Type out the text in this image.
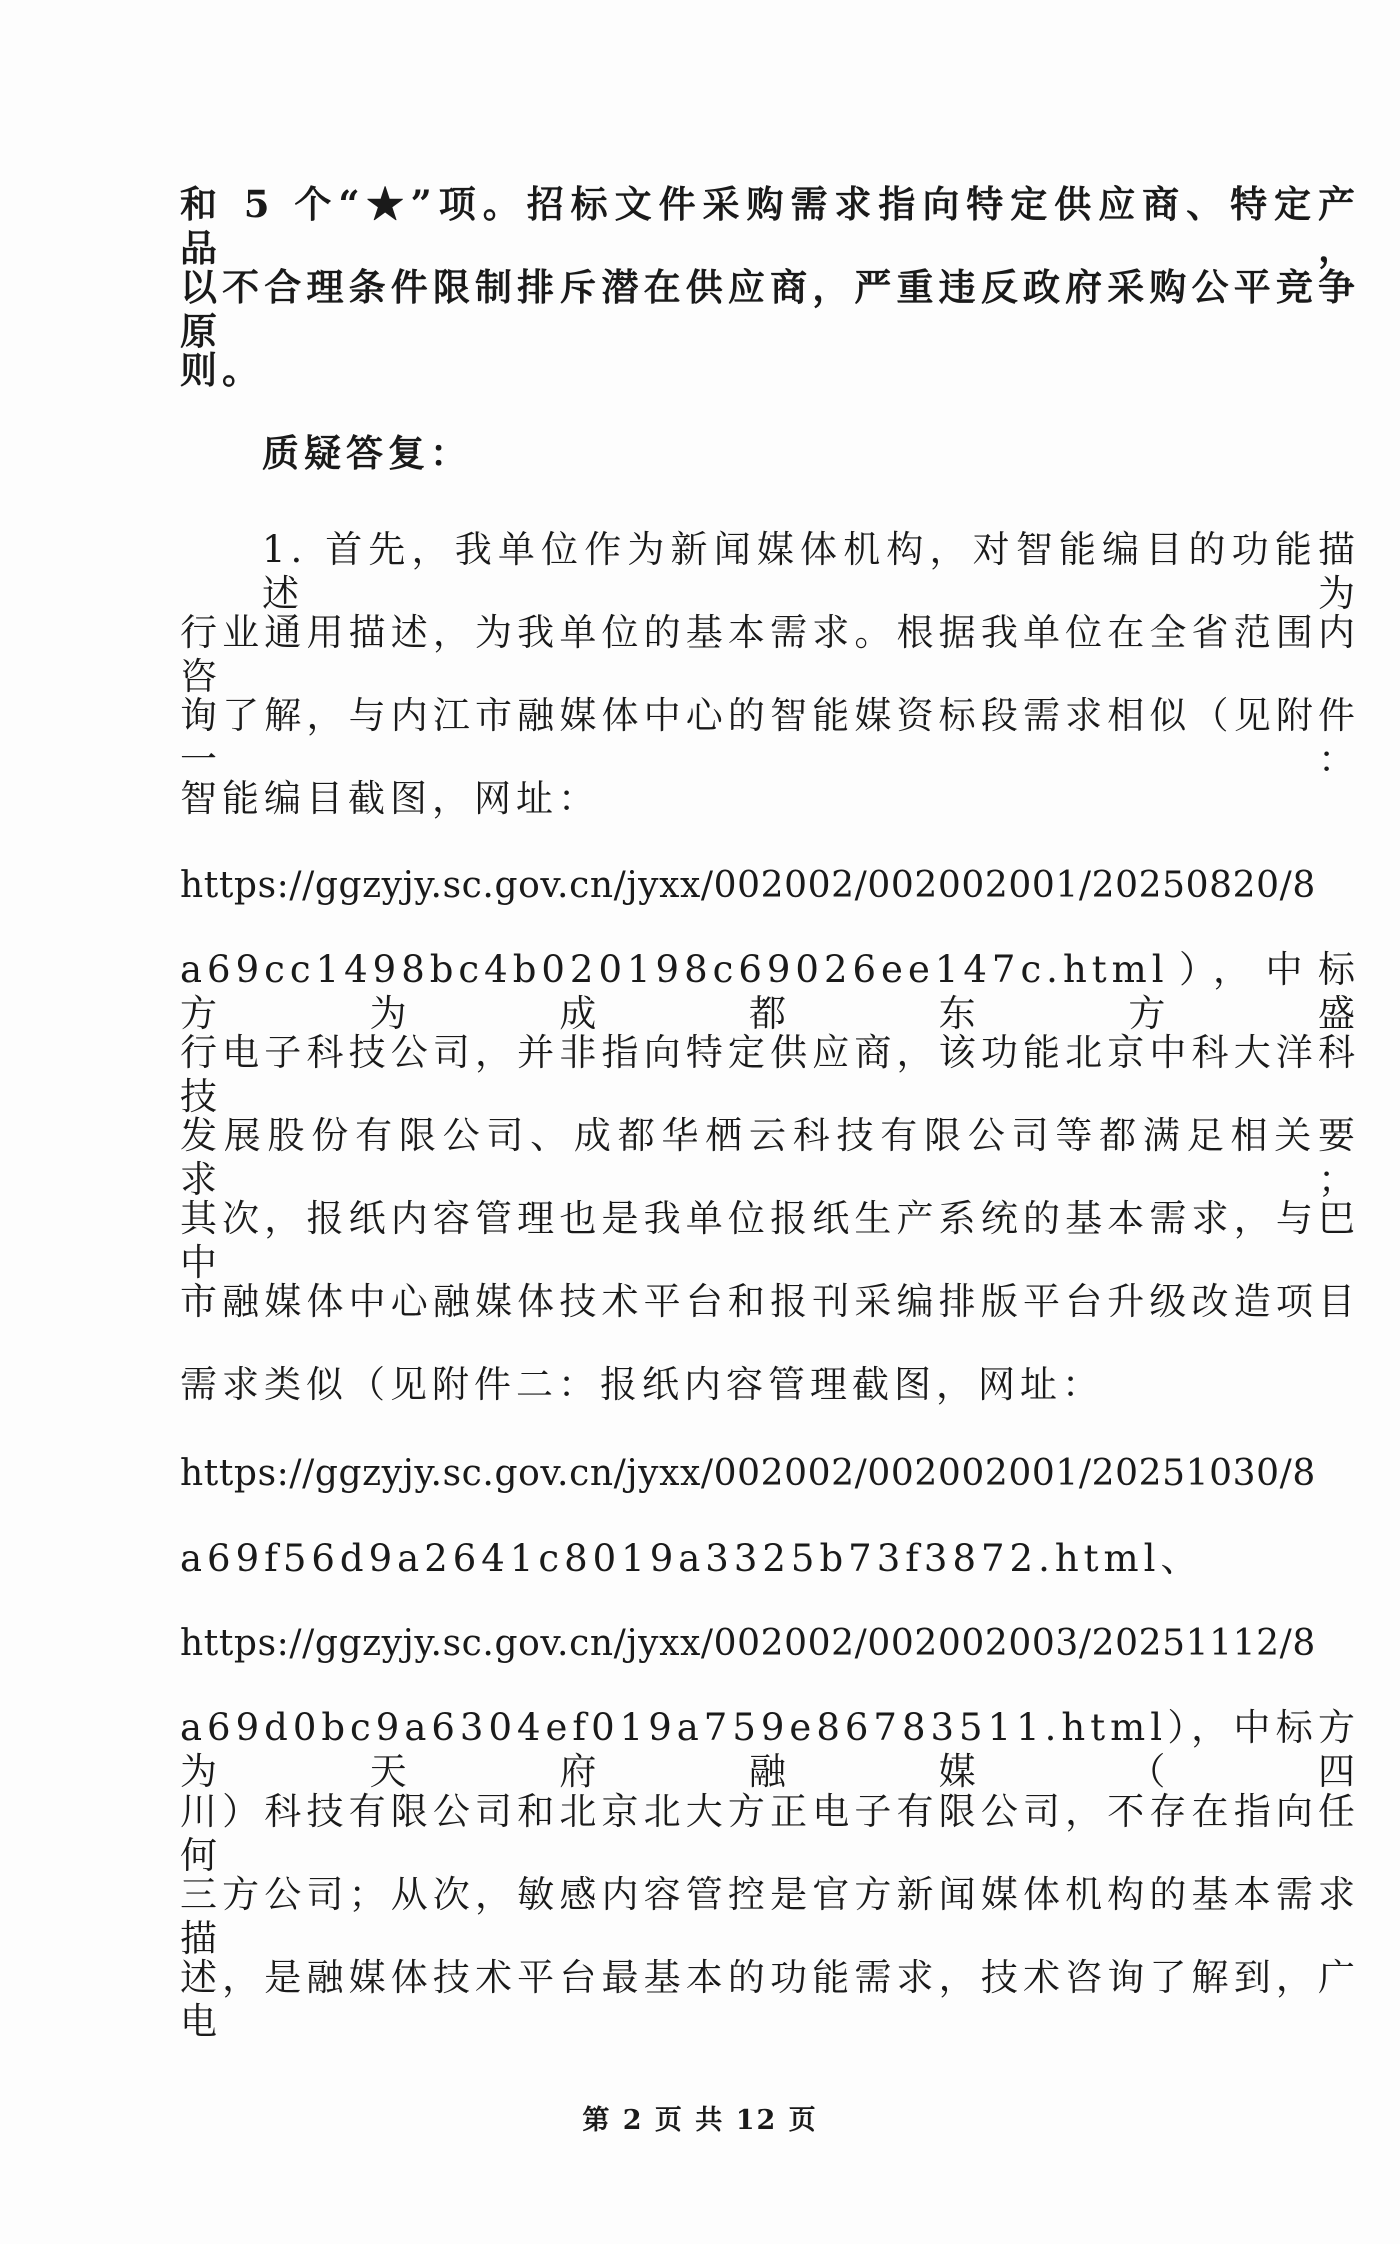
和 5 个“★”项。招标文件采购需求指向特定供应商、特定产品，
以不合理条件限制排斥潜在供应商，严重违反政府采购公平竞争原
则。
质疑答复：
1. 首先，我单位作为新闻媒体机构，对智能编目的功能描述为
行业通用描述，为我单位的基本需求。根据我单位在全省范围内咨
询了解，与内江市融媒体中心的智能媒资标段需求相似（见附件一：
智能编目截图，网址：
https://ggzyjy.sc.gov.cn/jyxx/002002/002002001/20250820/8
a69cc1498bc4b020198c69026ee147c.html），中标方为成都东方盛
行电子科技公司，并非指向特定供应商，该功能北京中科大洋科技
发展股份有限公司、成都华栖云科技有限公司等都满足相关要求；
其次，报纸内容管理也是我单位报纸生产系统的基本需求，与巴中
市融媒体中心融媒体技术平台和报刊采编排版平台升级改造项目
需求类似（见附件二：报纸内容管理截图，网址：
https://ggzyjy.sc.gov.cn/jyxx/002002/002002001/20251030/8
a69f56d9a2641c8019a3325b73f3872.html、
https://ggzyjy.sc.gov.cn/jyxx/002002/002002003/20251112/8
a69d0bc9a6304ef019a759e86783511.html），中标方为天府融媒（四
川）科技有限公司和北京北大方正电子有限公司，不存在指向任何
三方公司；从次，敏感内容管控是官方新闻媒体机构的基本需求描
述，是融媒体技术平台最基本的功能需求，技术咨询了解到，广电
第 2 页 共 12 页
